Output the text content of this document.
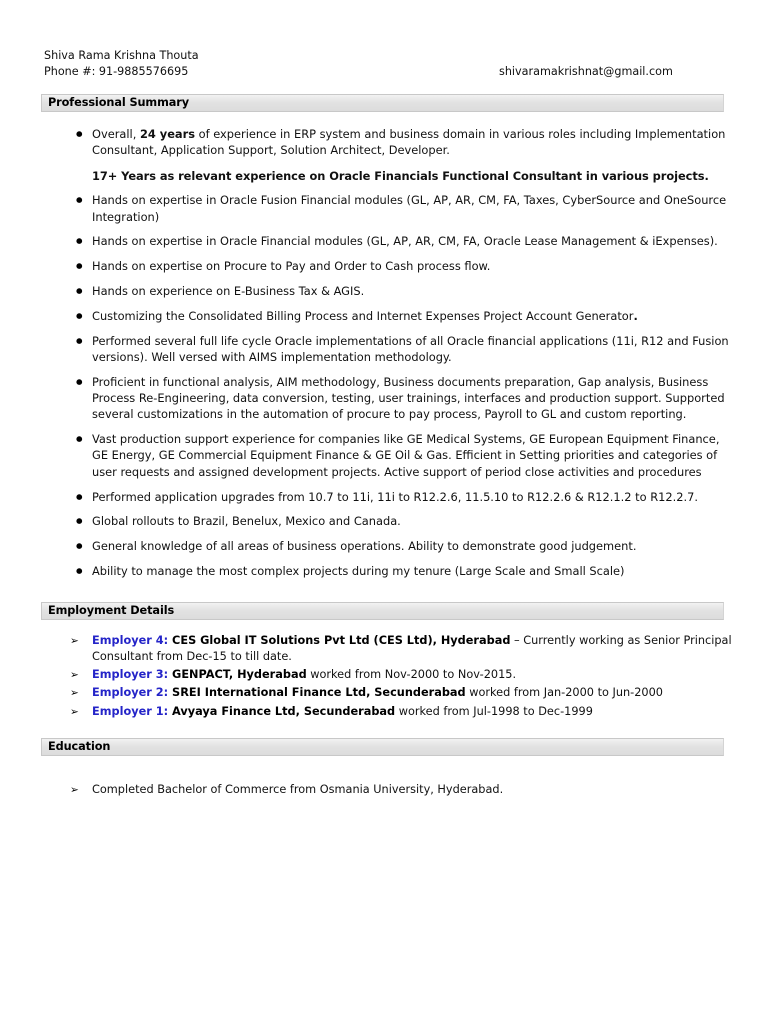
Shiva Rama Krishna Thouta
Phone #: 91-9885576695	shivaramakrishnat@gmail.com
Professional Summary
● Overall, 24 years of experience in ERP system and business domain in various roles including Implementation Consultant, Application Support, Solution Architect, Developer.
17+ Years as relevant experience on Oracle Financials Functional Consultant in various projects.
● Hands on expertise in Oracle Fusion Financial modules (GL, AP, AR, CM, FA, Taxes, CyberSource and OneSource Integration)
● Hands on expertise in Oracle Financial modules (GL, AP, AR, CM, FA, Oracle Lease Management & iExpenses).
● Hands on expertise on Procure to Pay and Order to Cash process flow.
● Hands on experience on E-Business Tax & AGIS.
● Customizing the Consolidated Billing Process and Internet Expenses Project Account Generator.
● Performed several full life cycle Oracle implementations of all Oracle financial applications (11i, R12 and Fusion versions). Well versed with AIMS implementation methodology.
● Proficient in functional analysis, AIM methodology, Business documents preparation, Gap analysis, Business Process Re-Engineering, data conversion, testing, user trainings, interfaces and production support. Supported several customizations in the automation of procure to pay process, Payroll to GL and custom reporting.
● Vast production support experience for companies like GE Medical Systems, GE European Equipment Finance, GE Energy, GE Commercial Equipment Finance & GE Oil & Gas. Efficient in Setting priorities and categories of user requests and assigned development projects. Active support of period close activities and procedures
● Performed application upgrades from 10.7 to 11i, 11i to R12.2.6, 11.5.10 to R12.2.6 & R12.1.2 to R12.2.7.
● Global rollouts to Brazil, Benelux, Mexico and Canada.
● General knowledge of all areas of business operations. Ability to demonstrate good judgement.
● Ability to manage the most complex projects during my tenure (Large Scale and Small Scale)
Employment Details
➢ Employer 4: CES Global IT Solutions Pvt Ltd (CES Ltd), Hyderabad – Currently working as Senior Principal Consultant from Dec-15 to till date.
➢ Employer 3: GENPACT, Hyderabad worked from Nov-2000 to Nov-2015.
➢ Employer 2: SREI International Finance Ltd, Secunderabad worked from Jan-2000 to Jun-2000
➢ Employer 1: Avyaya Finance Ltd, Secunderabad worked from Jul-1998 to Dec-1999
Education
➢ Completed Bachelor of Commerce from Osmania University, Hyderabad.
